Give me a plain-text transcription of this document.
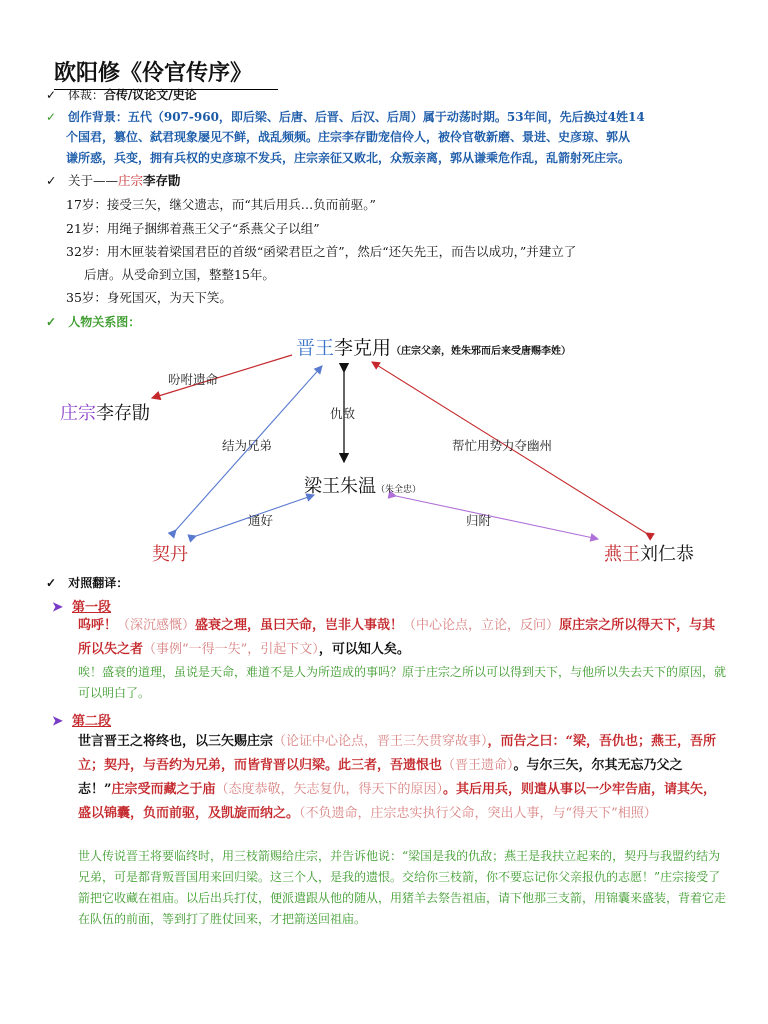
欧阳修《伶官传序》
✓ 体裁：合传/议论文/史论
✓ 创作背景：五代（907-960，即后梁、后唐、后晋、后汉、后周）属于动荡时期。53年间，先后换过4姓14
个国君，篡位、弑君现象屡见不鲜，战乱频频。庄宗李存勖宠信伶人，被伶官敬新磨、景进、史彦琼、郭从
谦所惑，兵变，拥有兵权的史彦琼不发兵，庄宗亲征又败北，众叛亲离，郭从谦乘危作乱，乱箭射死庄宗。
✓ 关于——庄宗李存勖
17岁：接受三矢，继父遗志，而“其后用兵…负而前驱。”
21岁：用绳子捆绑着燕王父子“系燕父子以组”
32岁：用木匣装着梁国君臣的首级“函梁君臣之首”，然后“还矢先王，而告以成功，”并建立了
后唐。从受命到立国，整整15年。
35岁：身死国灭，为天下笑。
✓ 人物关系图：
晋王李克用（庄宗父亲，姓朱邪而后来受唐赐李姓）
庄宗李存勖
梁王朱温（朱全忠）
契丹	燕王刘仁恭
吩咐遗命
仇敌
结为兄弟	帮忙用势力夺幽州
通好	归附
✓ 对照翻译：
➤ 第一段
呜呼！（深沉感慨）盛衰之理，虽曰天命，岂非人事哉！（中心论点，立论，反问）原庄宗之所以得天下，与其所以失之者（事例“一得一失”，引起下文），可以知人矣。
唉！盛衰的道理，虽说是天命，难道不是人为所造成的事吗？原于庄宗之所以可以得到天下，与他所以失去天下的原因，就可以明白了。
➤ 第二段
世言晋王之将终也，以三矢赐庄宗（论证中心论点，晋王三矢贯穿故事），而告之曰：“梁，吾仇也；燕王，吾所立；契丹，与吾约为兄弟，而皆背晋以归梁。此三者，吾遗恨也（晋王遗命）。与尔三矢，尔其无忘乃父之志！”庄宗受而藏之于庙（态度恭敬，矢志复仇，得天下的原因）。其后用兵，则遣从事以一少牢告庙，请其矢，盛以锦囊，负而前驱，及凯旋而纳之。（不负遗命，庄宗忠实执行父命，突出人事，与“得天下”相照）
世人传说晋王将要临终时，用三枝箭赐给庄宗，并告诉他说：“梁国是我的仇敌；燕王是我扶立起来的，契丹与我盟约结为兄弟，可是都背叛晋国用来回归梁。这三个人，是我的遗恨。交给你三枝箭，你不要忘记你父亲报仇的志愿！”庄宗接受了箭把它收藏在祖庙。以后出兵打仗，便派遣跟从他的随从，用猪羊去祭告祖庙，请下他那三支箭，用锦囊来盛装，背着它走在队伍的前面，等到打了胜仗回来，才把箭送回祖庙。
